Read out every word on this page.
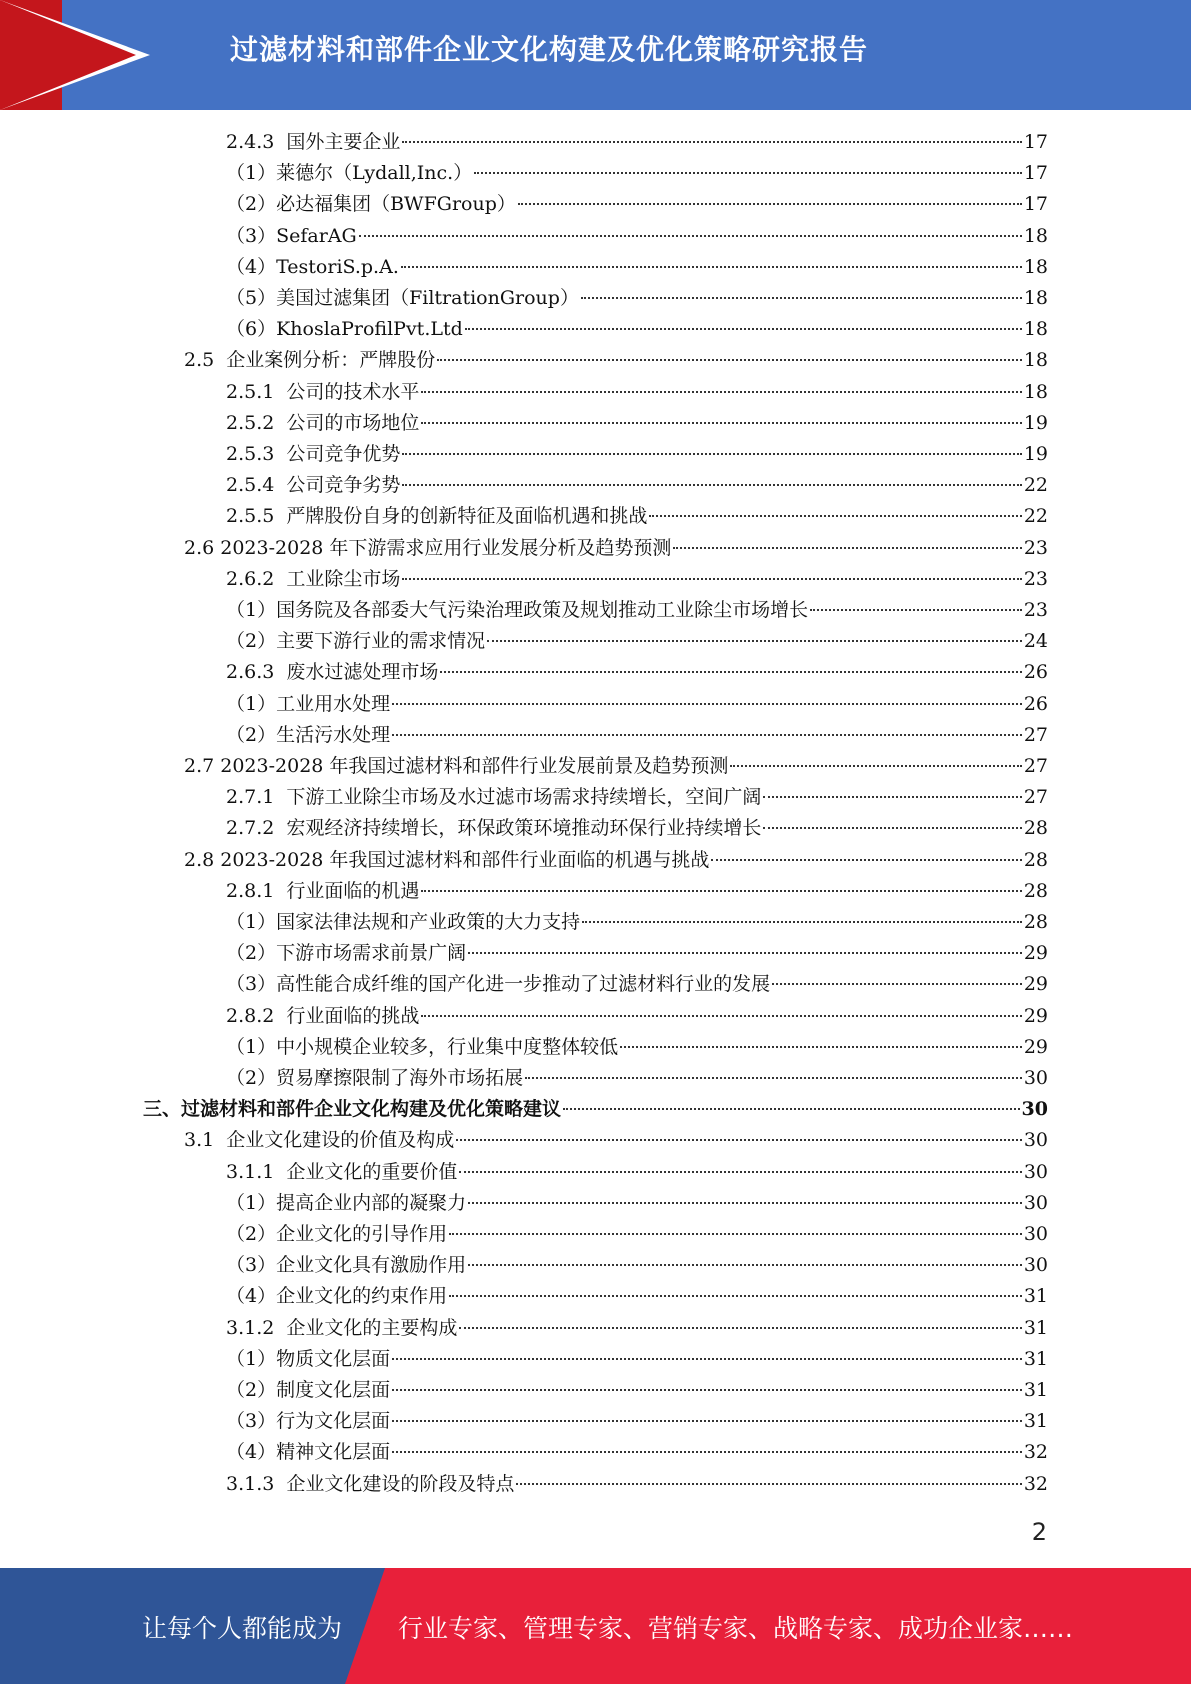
过滤材料和部件企业文化构建及优化策略研究报告
2.4.3  国外主要企业	17
（1）莱德尔（Lydall,Inc.）	17
（2）必达福集团（BWFGroup）	17
（3）SefarAG	18
（4）TestoriS.p.A.	18
（5）美国过滤集团（FiltrationGroup）	18
（6）KhoslaProfilPvt.Ltd	18
2.5  企业案例分析：严牌股份	18
2.5.1  公司的技术水平	18
2.5.2  公司的市场地位	19
2.5.3  公司竞争优势	19
2.5.4  公司竞争劣势	22
2.5.5  严牌股份自身的创新特征及面临机遇和挑战	22
2.6 2023-2028 年下游需求应用行业发展分析及趋势预测	23
2.6.2  工业除尘市场	23
（1）国务院及各部委大气污染治理政策及规划推动工业除尘市场增长	23
（2）主要下游行业的需求情况	24
2.6.3  废水过滤处理市场	26
（1）工业用水处理	26
（2）生活污水处理	27
2.7 2023-2028 年我国过滤材料和部件行业发展前景及趋势预测	27
2.7.1  下游工业除尘市场及水过滤市场需求持续增长，空间广阔	27
2.7.2  宏观经济持续增长，环保政策环境推动环保行业持续增长	28
2.8 2023-2028 年我国过滤材料和部件行业面临的机遇与挑战	28
2.8.1  行业面临的机遇	28
（1）国家法律法规和产业政策的大力支持	28
（2）下游市场需求前景广阔	29
（3）高性能合成纤维的国产化进一步推动了过滤材料行业的发展	29
2.8.2  行业面临的挑战	29
（1）中小规模企业较多，行业集中度整体较低	29
（2）贸易摩擦限制了海外市场拓展	30
三、过滤材料和部件企业文化构建及优化策略建议	30
3.1  企业文化建设的价值及构成	30
3.1.1  企业文化的重要价值	30
（1）提高企业内部的凝聚力	30
（2）企业文化的引导作用	30
（3）企业文化具有激励作用	30
（4）企业文化的约束作用	31
3.1.2  企业文化的主要构成	31
（1）物质文化层面	31
（2）制度文化层面	31
（3）行为文化层面	31
（4）精神文化层面	32
3.1.3  企业文化建设的阶段及特点	32
2
让每个人都能成为 行业专家、管理专家、营销专家、战略专家、成功企业家……
